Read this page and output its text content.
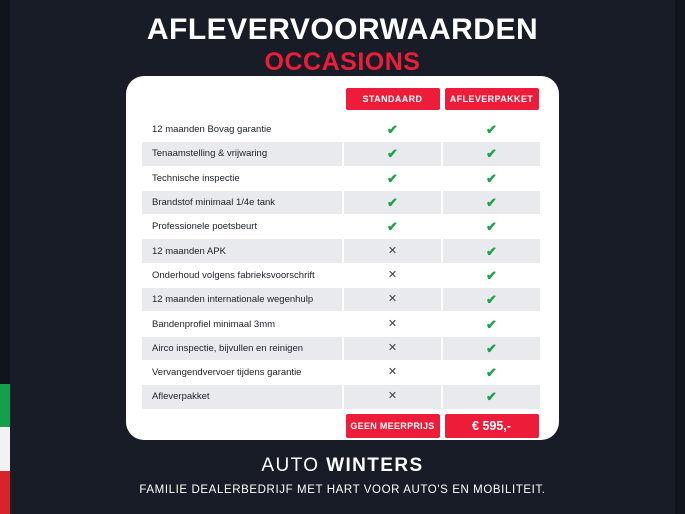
AFLEVERVOORWAARDEN
OCCASIONS
STANDAARD	AFLEVERPAKKET
12 maanden Bovag garantie	✔	✔
Tenaamstelling & vrijwaring	✔	✔
Technische inspectie	✔	✔
Brandstof minimaal 1/4e tank	✔	✔
Professionele poetsbeurt	✔	✔
12 maanden APK	✕	✔
Onderhoud volgens fabrieksvoorschrift	✕	✔
12 maanden internationale wegenhulp	✕	✔
Bandenprofiel minimaal 3mm	✕	✔
Airco inspectie, bijvullen en reinigen	✕	✔
Vervangendvervoer tijdens garantie	✕	✔
Afleverpakket	✕	✔
GEEN MEERPRIJS	€ 595,-
AUTO WINTERS
FAMILIE DEALERBEDRIJF MET HART VOOR AUTO'S EN MOBILITEIT.
